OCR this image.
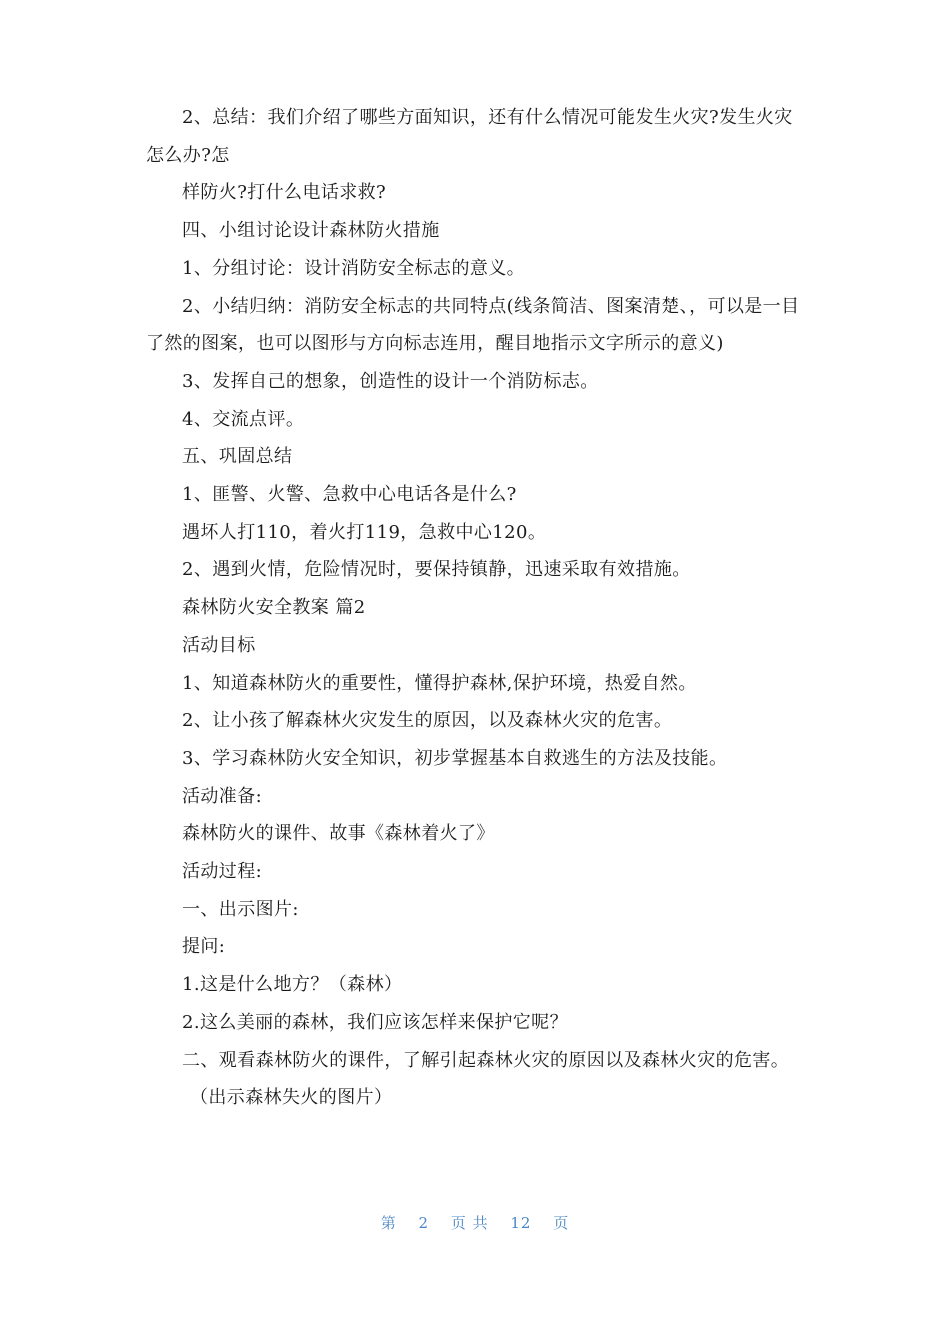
2、总结：我们介绍了哪些方面知识，还有什么情况可能发生火灾?发生火灾怎么办?怎

样防火?打什么电话求救?

四、小组讨论设计森林防火措施

1、分组讨论：设计消防安全标志的意义。

2、小结归纳：消防安全标志的共同特点(线条简洁、图案清楚、，可以是一目了然的图案，也可以图形与方向标志连用，醒目地指示文字所示的意义)

3、发挥自己的想象，创造性的设计一个消防标志。

4、交流点评。

五、巩固总结

1、匪警、火警、急救中心电话各是什么?

遇坏人打110，着火打119，急救中心120。

2、遇到火情，危险情况时，要保持镇静，迅速采取有效措施。

森林防火安全教案 篇2

活动目标

1、知道森林防火的重要性，懂得护森林,保护环境，热爱自然。

2、让小孩了解森林火灾发生的原因，以及森林火灾的危害。

3、学习森林防火安全知识，初步掌握基本自救逃生的方法及技能。

活动准备:

森林防火的课件、故事《森林着火了》

活动过程:

一、出示图片:

提问:

1.这是什么地方？（森林）

2.这么美丽的森林，我们应该怎样来保护它呢？

二、观看森林防火的课件，了解引起森林火灾的原因以及森林火灾的危害。

（出示森林失火的图片）

第 2 页 共 12 页
